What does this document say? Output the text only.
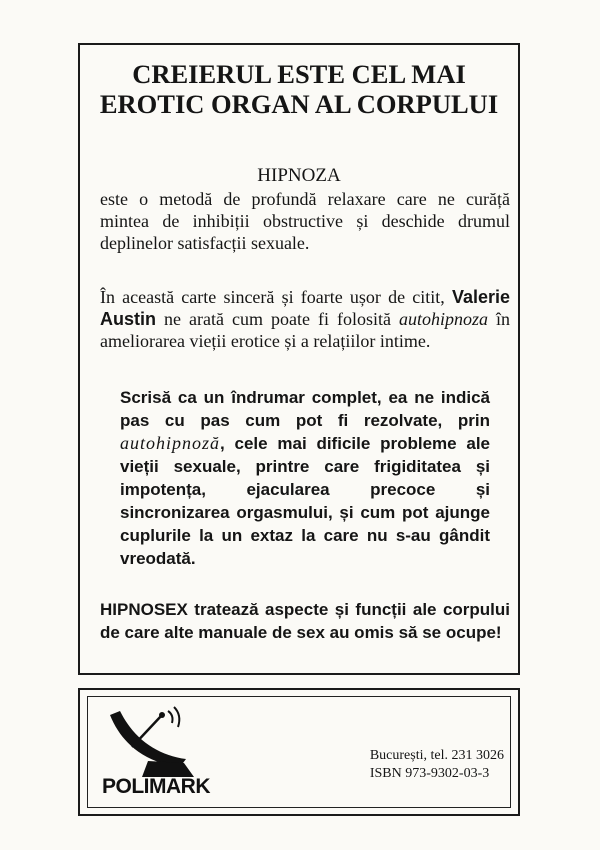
CREIERUL ESTE CEL MAI
EROTIC ORGAN AL CORPULUI
HIPNOZA
este o metodă de profundă relaxare care ne curăță mintea de inhibiții obstructive și deschide drumul deplinelor satisfacții sexuale.
În această carte sinceră și foarte ușor de citit, Valerie Austin ne arată cum poate fi folosită autohipnoza în ameliorarea vieții erotice și a relațiilor intime.
Scrisă ca un îndrumar complet, ea ne indică pas cu pas cum pot fi rezolvate, prin autohipnoză, cele mai dificile probleme ale vieții sexuale, printre care frigiditatea și impotența, ejacularea precoce și sincronizarea orgasmului, și cum pot ajunge cuplurile la un extaz la care nu s-au gândit vreodată.
HIPNOSEX tratează aspecte și funcții ale corpului de care alte manuale de sex au omis să se ocupe!
POLIMARK
București, tel. 231 3026
ISBN 973-9302-03-3
